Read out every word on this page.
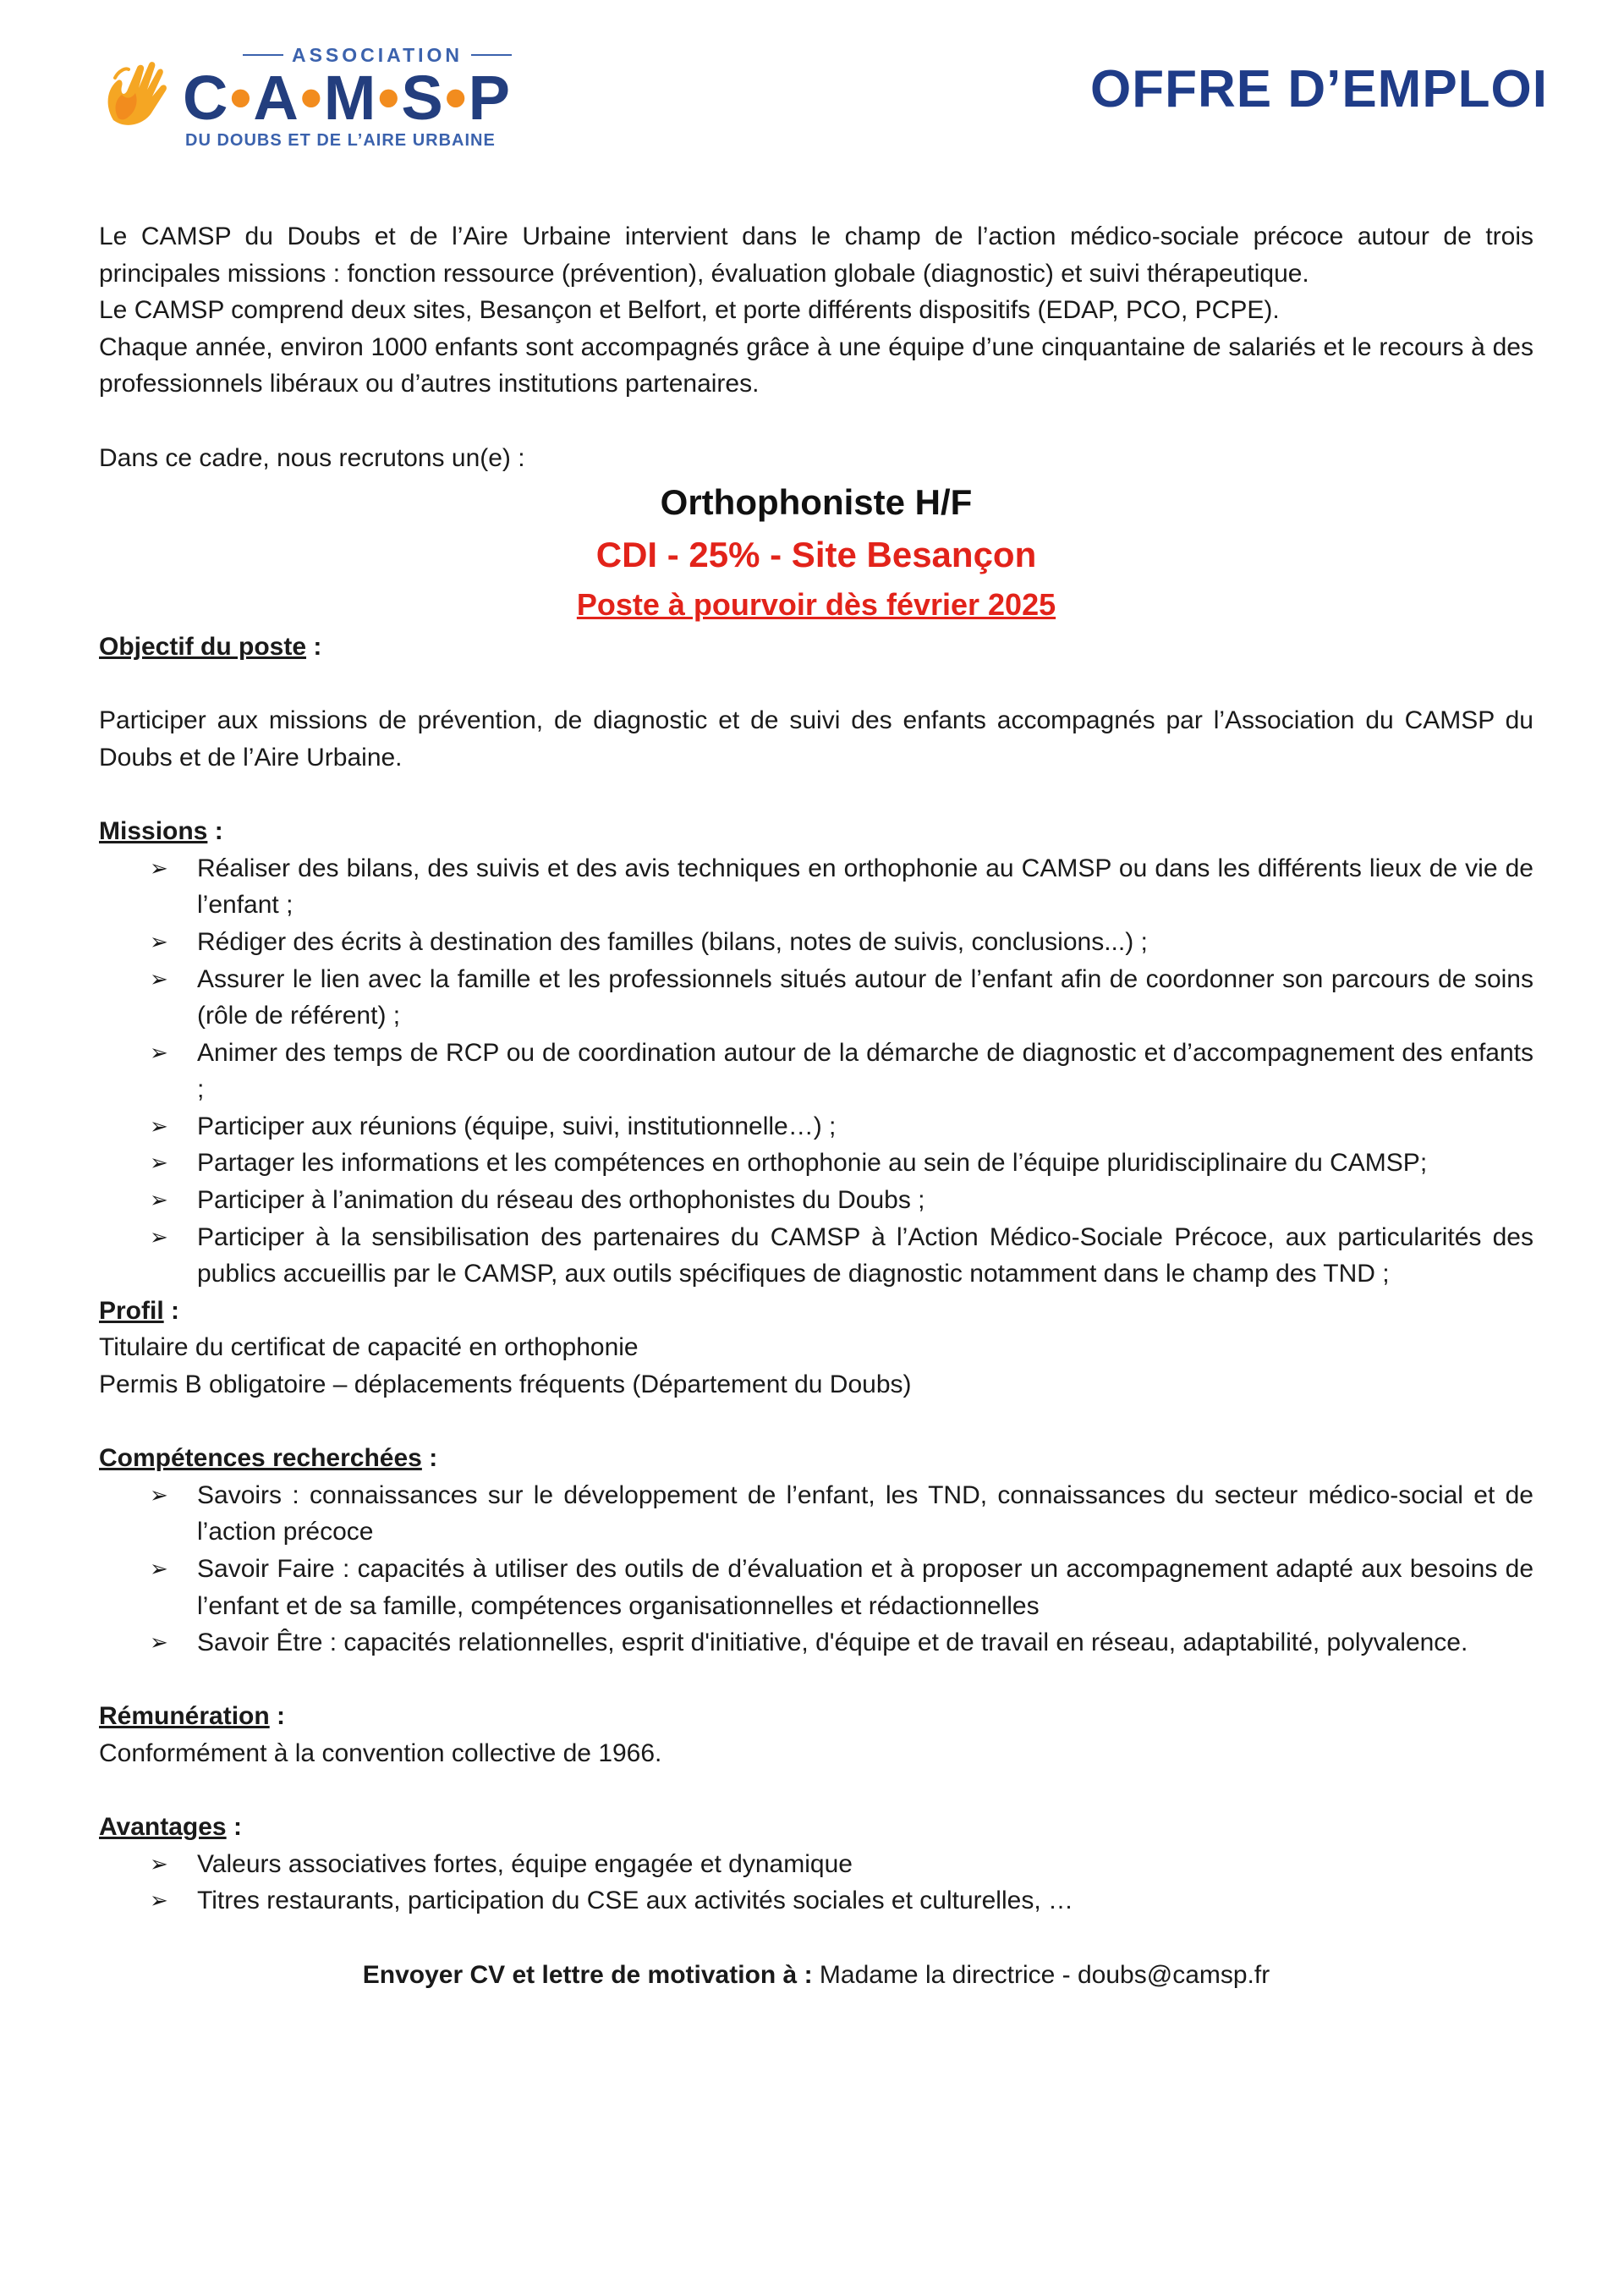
ASSOCIATION
C•A•M•S•P
DU DOUBS ET DE L’AIRE URBAINE
OFFRE D’EMPLOI

Le CAMSP du Doubs et de l’Aire Urbaine intervient dans le champ de l’action médico-sociale précoce autour de trois principales missions : fonction ressource (prévention), évaluation globale (diagnostic) et suivi thérapeutique.

Le CAMSP comprend deux sites, Besançon et Belfort, et porte différents dispositifs (EDAP, PCO, PCPE).

Chaque année, environ 1000 enfants sont accompagnés grâce à une équipe d’une cinquantaine de salariés et le recours à des professionnels libéraux ou d’autres institutions partenaires.

Dans ce cadre, nous recrutons un(e) :

Orthophoniste H/F
CDI - 25% - Site Besançon
Poste à pourvoir dès février 2025

Objectif du poste :

Participer aux missions de prévention, de diagnostic et de suivi des enfants accompagnés par l’Association du CAMSP du Doubs et de l’Aire Urbaine.

Missions :

➢ Réaliser des bilans, des suivis et des avis techniques en orthophonie au CAMSP ou dans les différents lieux de vie de l’enfant ;
➢ Rédiger des écrits à destination des familles (bilans, notes de suivis, conclusions...) ;
➢ Assurer le lien avec la famille et les professionnels situés autour de l’enfant afin de coordonner son parcours de soins (rôle de référent) ;
➢ Animer des temps de RCP ou de coordination autour de la démarche de diagnostic et d’accompagnement des enfants ;
➢ Participer aux réunions (équipe, suivi, institutionnelle…) ;
➢ Partager les informations et les compétences en orthophonie au sein de l’équipe pluridisciplinaire du CAMSP;
➢ Participer à l’animation du réseau des orthophonistes du Doubs ;
➢ Participer à la sensibilisation des partenaires du CAMSP à l’Action Médico-Sociale Précoce, aux particularités des publics accueillis par le CAMSP, aux outils spécifiques de diagnostic notamment dans le champ des TND ;

Profil :

Titulaire du certificat de capacité en orthophonie

Permis B obligatoire – déplacements fréquents (Département du Doubs)

Compétences recherchées :

➢ Savoirs : connaissances sur le développement de l’enfant, les TND, connaissances du secteur médico-social et de l’action précoce
➢ Savoir Faire : capacités à utiliser des outils de d’évaluation et à proposer un accompagnement adapté aux besoins de l’enfant et de sa famille, compétences organisationnelles et rédactionnelles
➢ Savoir Être : capacités relationnelles, esprit d'initiative, d'équipe et de travail en réseau, adaptabilité, polyvalence.

Rémunération :

Conformément à la convention collective de 1966.

Avantages :

➢ Valeurs associatives fortes, équipe engagée et dynamique
➢ Titres restaurants, participation du CSE aux activités sociales et culturelles, …

Envoyer CV et lettre de motivation à : Madame la directrice - doubs@camsp.fr
